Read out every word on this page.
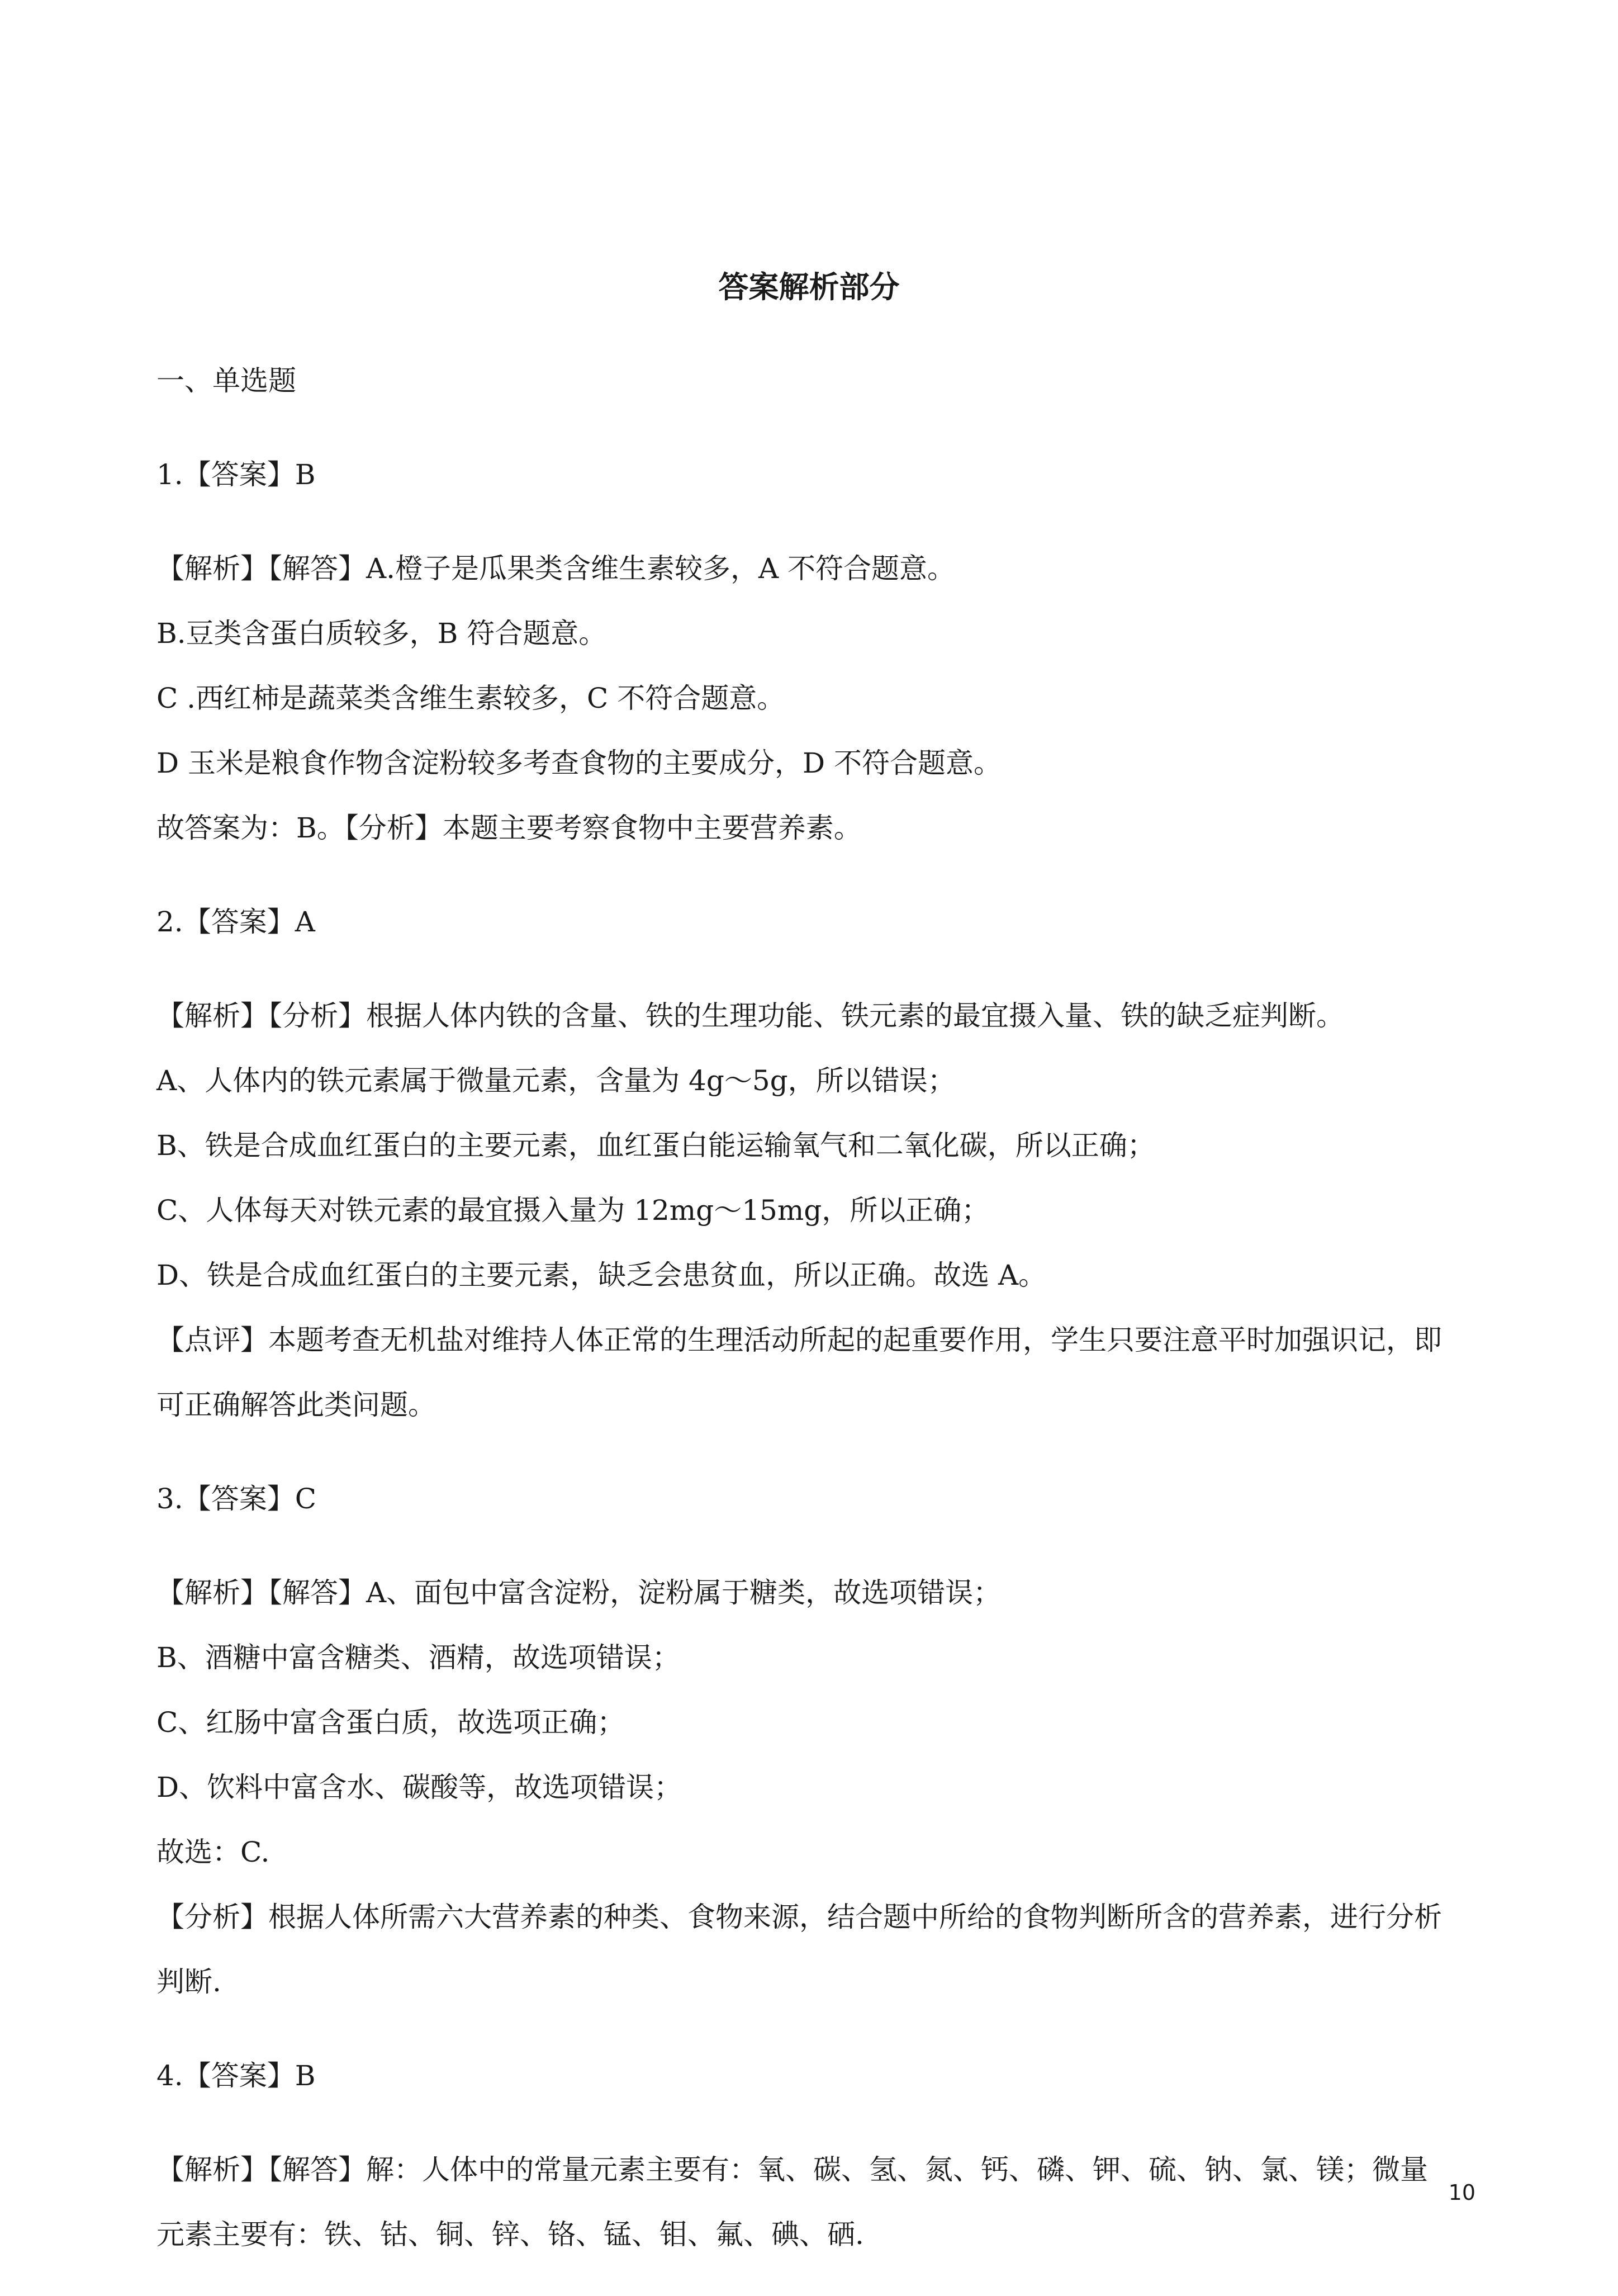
答案解析部分
一、单选题
1.【答案】B
【解析】【解答】A.橙子是瓜果类含维生素较多，A 不符合题意。
B.豆类含蛋白质较多，B 符合题意。
C .西红柿是蔬菜类含维生素较多，C 不符合题意。
D 玉米是粮食作物含淀粉较多考查食物的主要成分，D 不符合题意。
故答案为：B。【分析】本题主要考察食物中主要营养素。
2.【答案】A
【解析】【分析】根据人体内铁的含量、铁的生理功能、铁元素的最宜摄入量、铁的缺乏症判断。
A、人体内的铁元素属于微量元素，含量为 4g～5g，所以错误；
B、铁是合成血红蛋白的主要元素，血红蛋白能运输氧气和二氧化碳，所以正确；
C、人体每天对铁元素的最宜摄入量为 12mg～15mg，所以正确；
D、铁是合成血红蛋白的主要元素，缺乏会患贫血，所以正确。故选 A。
【点评】本题考查无机盐对维持人体正常的生理活动所起的起重要作用，学生只要注意平时加强识记，即
可正确解答此类问题。
3.【答案】C
【解析】【解答】A、面包中富含淀粉，淀粉属于糖类，故选项错误；
B、酒糖中富含糖类、酒精，故选项错误；
C、红肠中富含蛋白质，故选项正确；
D、饮料中富含水、碳酸等，故选项错误；
故选：C.
【分析】根据人体所需六大营养素的种类、食物来源，结合题中所给的食物判断所含的营养素，进行分析
判断.
4.【答案】B
【解析】【解答】解：人体中的常量元素主要有：氧、碳、氢、氮、钙、磷、钾、硫、钠、氯、镁；微量
元素主要有：铁、钴、铜、锌、铬、锰、钼、氟、碘、硒.
10
